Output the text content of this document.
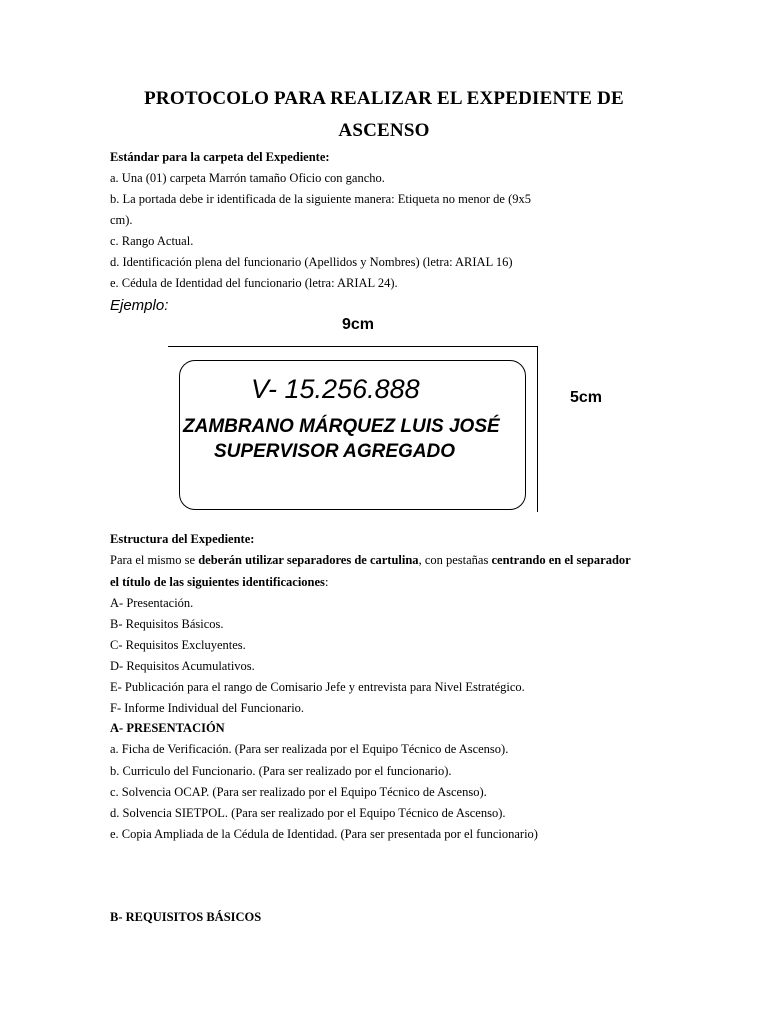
PROTOCOLO PARA REALIZAR EL EXPEDIENTE DE
ASCENSO
Estándar para la carpeta del Expediente:
a. Una (01) carpeta Marrón tamaño Oficio con gancho.
b. La portada debe ir identificada de la siguiente manera: Etiqueta no menor de (9x5
cm).
c. Rango Actual.
d. Identificación plena del funcionario (Apellidos y Nombres) (letra: ARIAL 16)
e. Cédula de Identidad del funcionario (letra: ARIAL 24).
Ejemplo:
9cm
5cm
V- 15.256.888
ZAMBRANO MÁRQUEZ LUIS JOSÉ
SUPERVISOR AGREGADO
Estructura del Expediente:
Para el mismo se deberán utilizar separadores de cartulina, con pestañas centrando en el separador
el título de las siguientes identificaciones:
A- Presentación.
B- Requisitos Básicos.
C- Requisitos Excluyentes.
D- Requisitos Acumulativos.
E- Publicación para el rango de Comisario Jefe y entrevista para Nivel Estratégico.
F- Informe Individual del Funcionario.
A- PRESENTACIÓN
a. Ficha de Verificación. (Para ser realizada por el Equipo Técnico de Ascenso).
b. Curriculo del Funcionario. (Para ser realizado por el funcionario).
c. Solvencia OCAP. (Para ser realizado por el Equipo Técnico de Ascenso).
d. Solvencia SIETPOL. (Para ser realizado por el Equipo Técnico de Ascenso).
e. Copia Ampliada de la Cédula de Identidad. (Para ser presentada por el funcionario)
B- REQUISITOS BÁSICOS
